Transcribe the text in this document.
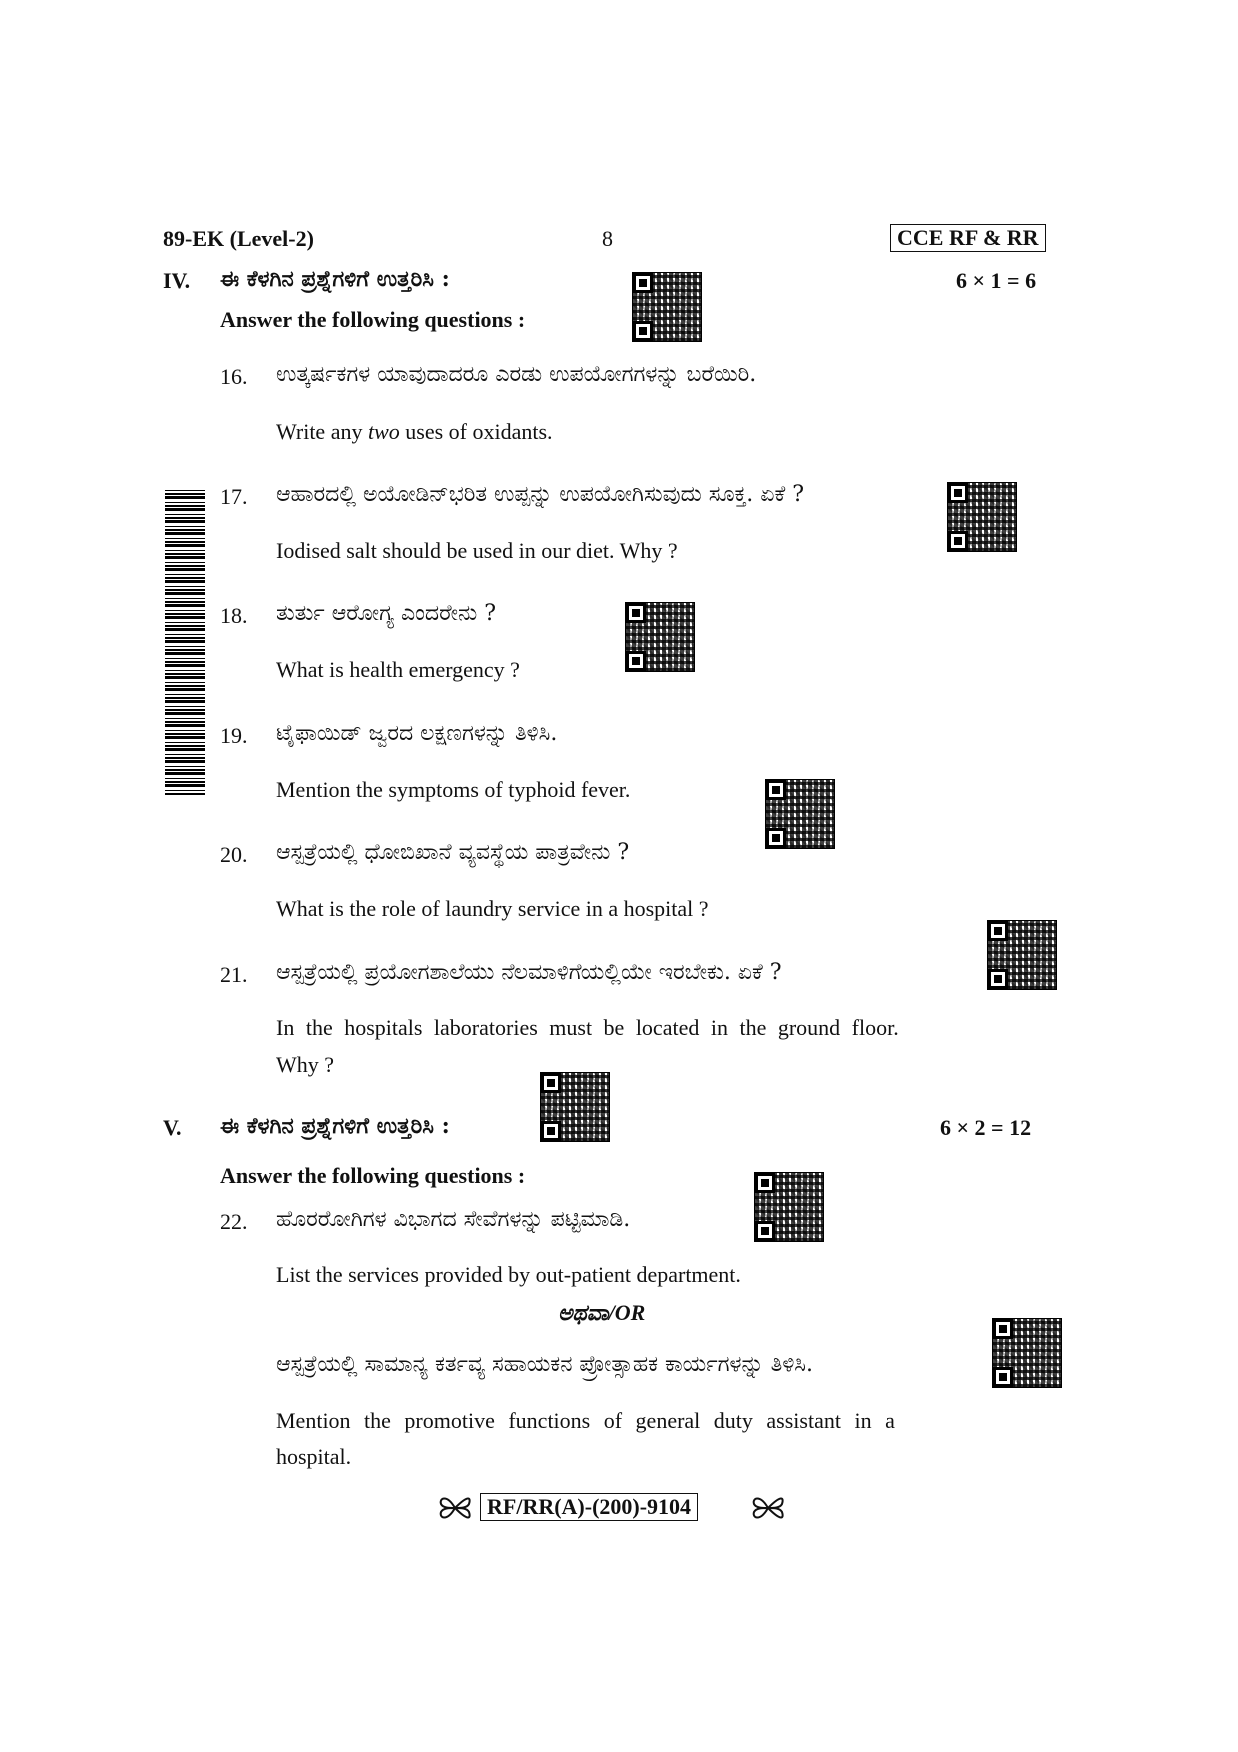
89-EK (Level-2)	8	CCE RF & RR
IV. ಈ ಕೆಳಗಿನ ಪ್ರಶ್ನೆಗಳಿಗೆ ಉತ್ತರಿಸಿ :
Answer the following questions :
6 × 1 = 6
16. ಉತ್ಕರ್ಷಕಗಳ ಯಾವುದಾದರೂ ಎರಡು ಉಪಯೋಗಗಳನ್ನು ಬರೆಯಿರಿ.
Write any two uses of oxidants.
17. ಆಹಾರದಲ್ಲಿ ಅಯೋಡಿನ್‌ಭರಿತ ಉಪ್ಪನ್ನು ಉಪಯೋಗಿಸುವುದು ಸೂಕ್ತ. ಏಕೆ ?
Iodised salt should be used in our diet. Why ?
18. ತುರ್ತು ಆರೋಗ್ಯ ಎಂದರೇನು ?
What is health emergency ?
19. ಟೈಫಾಯಿಡ್ ಜ್ವರದ ಲಕ್ಷಣಗಳನ್ನು ತಿಳಿಸಿ.
Mention the symptoms of typhoid fever.
20. ಆಸ್ಪತ್ರೆಯಲ್ಲಿ ಧೋಬಿಖಾನೆ ವ್ಯವಸ್ಥೆಯ ಪಾತ್ರವೇನು ?
What is the role of laundry service in a hospital ?
21. ಆಸ್ಪತ್ರೆಯಲ್ಲಿ ಪ್ರಯೋಗಶಾಲೆಯು ನೆಲಮಾಳಿಗೆಯಲ್ಲಿಯೇ ಇರಬೇಕು. ಏಕೆ ?
In the hospitals laboratories must be located in the ground floor.
Why ?
V. ಈ ಕೆಳಗಿನ ಪ್ರಶ್ನೆಗಳಿಗೆ ಉತ್ತರಿಸಿ :	6 × 2 = 12
Answer the following questions :
22. ಹೊರರೋಗಿಗಳ ವಿಭಾಗದ ಸೇವೆಗಳನ್ನು ಪಟ್ಟಿಮಾಡಿ.
List the services provided by out-patient department.
ಅಥವಾ/OR
ಆಸ್ಪತ್ರೆಯಲ್ಲಿ ಸಾಮಾನ್ಯ ಕರ್ತವ್ಯ ಸಹಾಯಕನ ಪ್ರೋತ್ಸಾಹಕ ಕಾರ್ಯಗಳನ್ನು ತಿಳಿಸಿ.
Mention the promotive functions of general duty assistant in a
hospital.
RF/RR(A)-(200)-9104
